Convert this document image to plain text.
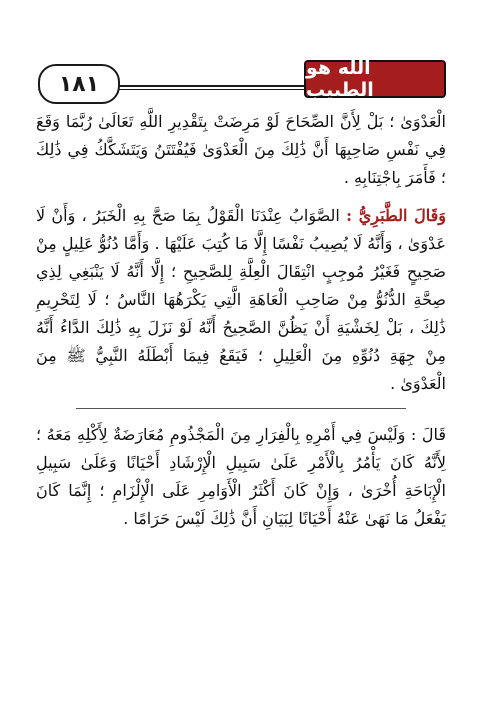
١٨١
الله هو الطبيب

الْعَدْوَىٰ ؛ بَلْ لِأَنَّ الصِّحَاحَ لَوْ مَرِضَتْ بِتَقْدِيرِ اللَّهِ تَعَالَىٰ رُبَّمَا وَقَعَ فِي نَفْسِ صَاحِبِهَا أَنَّ ذَٰلِكَ مِنَ الْعَدْوَىٰ فَيُفْتَتَنُ وَيَتَشَكَّكُ فِي ذَٰلِكَ ؛ فَأَمَرَ بِاجْتِنَابِهِ .

وَقَالَ الطَّبَرِيُّ : الصَّوَابُ عِنْدَنَا الْقَوْلُ بِمَا صَحَّ بِهِ الْخَبَرُ ، وَأَنْ لَا عَدْوَىٰ ، وَأَنَّهُ لَا يُصِيبُ نَفْسًا إِلَّا مَا كُتِبَ عَلَيْهَا . وَأَمَّا دُنُوُّ عَلِيلٍ مِنْ صَحِيحٍ فَغَيْرُ مُوجِبٍ انْتِقَالَ الْعِلَّةِ لِلصَّحِيحِ ؛ إِلَّا أَنَّهُ لَا يَنْبَغِي لِذِي صِحَّةِ الدُّنُوُّ مِنْ صَاحِبِ الْعَاهَةِ الَّتِي يَكْرَهُهَا النَّاسُ ؛ لَا لِتَحْرِيمِ ذَٰلِكَ ، بَلْ لِخَشْيَةِ أَنْ يَظُنَّ الصَّحِيحُ أَنَّهُ لَوْ نَزَلَ بِهِ ذَٰلِكَ الدَّاءُ أَنَّهُ مِنْ جِهَةِ دُنُوِّهِ مِنَ الْعَلِيلِ ؛ فَيَقَعُ فِيمَا أَبْطَلَهُ النَّبِيُّ ﷺ مِنَ الْعَدْوَىٰ .

قَالَ : وَلَيْسَ فِي أَمْرِهِ بِالْفِرَارِ مِنَ الْمَجْذُومِ مُعَارَضَةٌ لِأَكْلِهِ مَعَهُ ؛ لِأَنَّهُ كَانَ يَأْمُرُ بِالْأَمْرِ عَلَىٰ سَبِيلِ الْإِرْشَادِ أَحْيَانًا وَعَلَىٰ سَبِيلِ الْإِبَاحَةِ أُخْرَىٰ ، وَإِنْ كَانَ أَكْثَرُ الْأَوَامِرِ عَلَى الْإِلْزَامِ ؛ إِنَّمَا كَانَ يَفْعَلُ مَا نَهَىٰ عَنْهُ أَحْيَانًا لِبَيَانِ أَنَّ ذَٰلِكَ لَيْسَ حَرَامًا .
